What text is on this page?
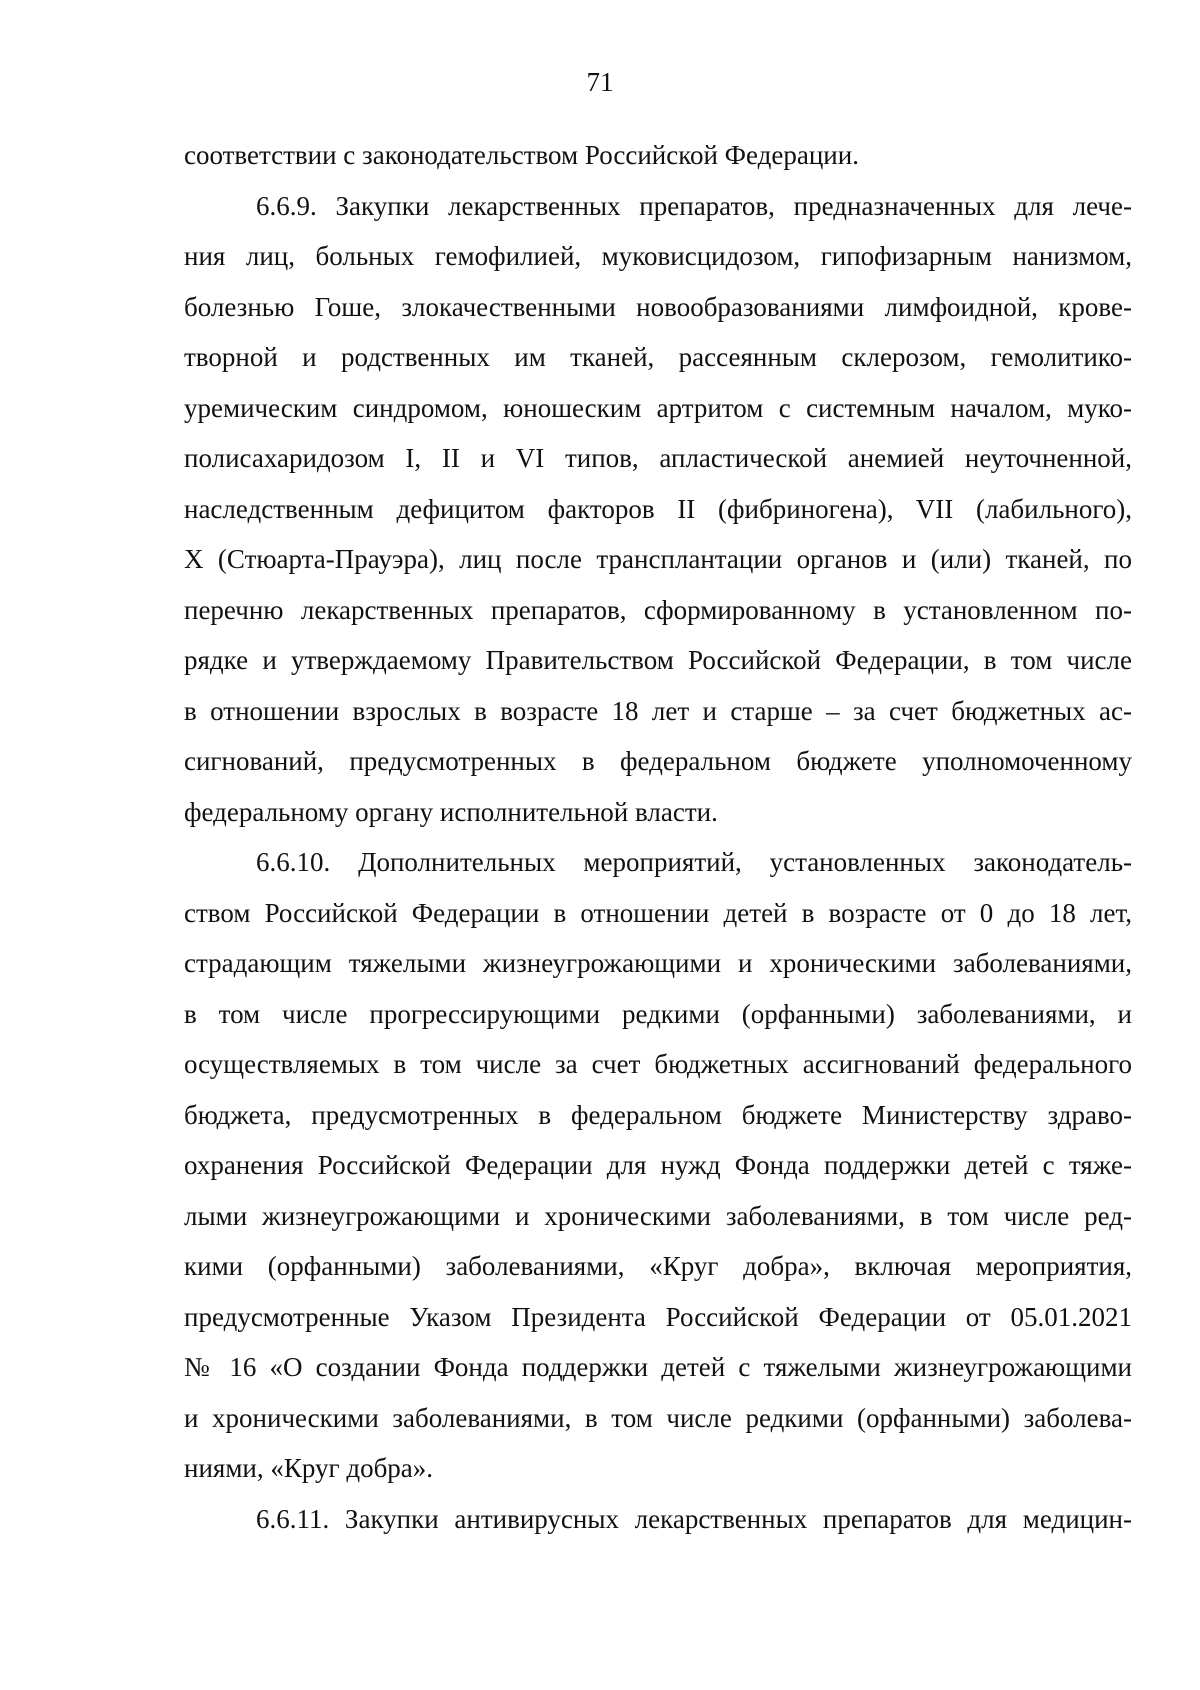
71
соответствии с законодательством Российской Федерации.
6.6.9. Закупки лекарственных препаратов, предназначенных для лече-
ния лиц, больных гемофилией, муковисцидозом, гипофизарным нанизмом,
болезнью Гоше, злокачественными новообразованиями лимфоидной, крове-
творной и родственных им тканей, рассеянным склерозом, гемолитико-
уремическим синдромом, юношеским артритом с системным началом, муко-
полисахаридозом I, II и VI типов, апластической анемией неуточненной,
наследственным дефицитом факторов II (фибриногена), VII (лабильного),
X (Стюарта-Прауэра), лиц после трансплантации органов и (или) тканей, по
перечню лекарственных препаратов, сформированному в установленном по-
рядке и утверждаемому Правительством Российской Федерации, в том числе
в отношении взрослых в возрасте 18 лет и старше – за счет бюджетных ас-
сигнований, предусмотренных в федеральном бюджете уполномоченному
федеральному органу исполнительной власти.
6.6.10. Дополнительных мероприятий, установленных законодатель-
ством Российской Федерации в отношении детей в возрасте от 0 до 18 лет,
страдающим тяжелыми жизнеугрожающими и хроническими заболеваниями,
в том числе прогрессирующими редкими (орфанными) заболеваниями, и
осуществляемых в том числе за счет бюджетных ассигнований федерального
бюджета, предусмотренных в федеральном бюджете Министерству здраво-
охранения Российской Федерации для нужд Фонда поддержки детей с тяже-
лыми жизнеугрожающими и хроническими заболеваниями, в том числе ред-
кими (орфанными) заболеваниями, «Круг добра», включая мероприятия,
предусмотренные Указом Президента Российской Федерации от 05.01.2021
№ 16 «О создании Фонда поддержки детей с тяжелыми жизнеугрожающими
и хроническими заболеваниями, в том числе редкими (орфанными) заболева-
ниями, «Круг добра».
6.6.11. Закупки антивирусных лекарственных препаратов для медицин-
